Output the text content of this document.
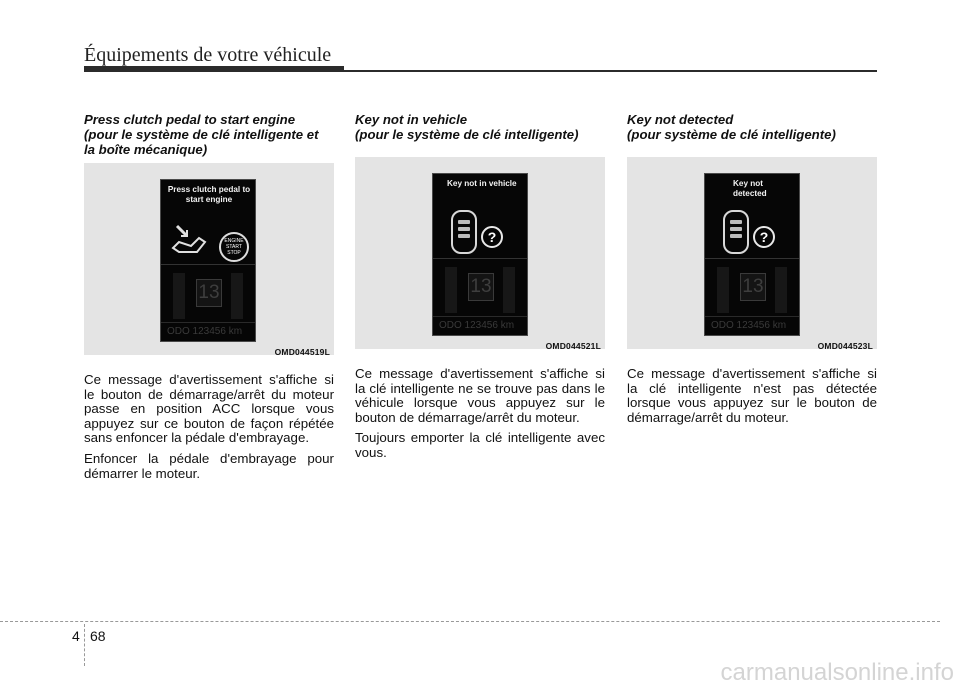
Équipements de votre véhicule
Press clutch pedal to start engine
(pour le système de clé intelligente et
la boîte mécanique)
Press clutch pedal to start engine
ENGINE START STOP
13
ODO 123456 km
OMD044519L

Ce message d'avertissement s'affiche si le bouton de démarrage/arrêt du moteur passe en position ACC lorsque vous appuyez sur ce bouton de façon répétée sans enfoncer la pédale d'embrayage.

Enfoncer la pédale d'embrayage pour démarrer le moteur.

Key not in vehicle
(pour le système de clé intelligente)
Key not in vehicle
?
13
ODO 123456 km
OMD044521L

Ce message d'avertissement s'affiche si la clé intelligente ne se trouve pas dans le véhicule lorsque vous appuyez sur le bouton de démarrage/arrêt du moteur.

Toujours emporter la clé intelligente avec vous.

Key not detected
(pour système de clé intelligente)
Key not detected
?
13
ODO 123456 km
OMD044523L

Ce message d'avertissement s'affiche si la clé intelligente n'est pas détectée lorsque vous appuyez sur le bouton de démarrage/arrêt du moteur.

4 68
carmanualsonline.info
